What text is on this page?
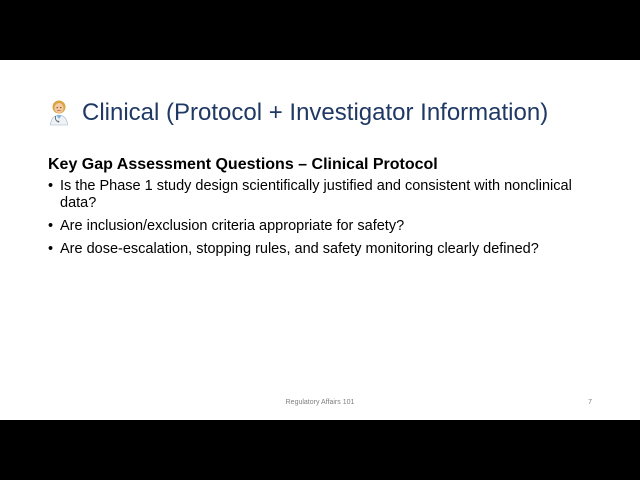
Clinical (Protocol + Investigator Information)
Key Gap Assessment Questions – Clinical Protocol
• Is the Phase 1 study design scientifically justified and consistent with nonclinical data?
• Are inclusion/exclusion criteria appropriate for safety?
• Are dose-escalation, stopping rules, and safety monitoring clearly defined?
Regulatory Affairs 101	7
